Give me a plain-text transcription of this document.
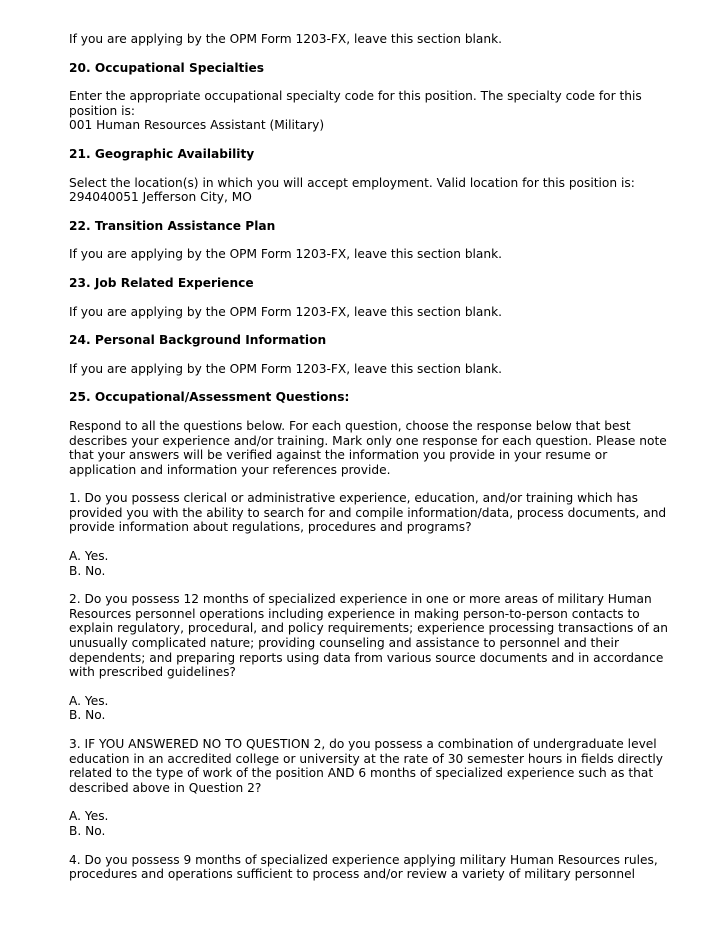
If you are applying by the OPM Form 1203-FX, leave this section blank.

20. Occupational Specialties

Enter the appropriate occupational specialty code for this position. The specialty code for this
position is:
001 Human Resources Assistant (Military)

21. Geographic Availability

Select the location(s) in which you will accept employment. Valid location for this position is:
294040051 Jefferson City, MO

22. Transition Assistance Plan

If you are applying by the OPM Form 1203-FX, leave this section blank.

23. Job Related Experience

If you are applying by the OPM Form 1203-FX, leave this section blank.

24. Personal Background Information

If you are applying by the OPM Form 1203-FX, leave this section blank.

25. Occupational/Assessment Questions:

Respond to all the questions below. For each question, choose the response below that best
describes your experience and/or training. Mark only one response for each question. Please note
that your answers will be verified against the information you provide in your resume or
application and information your references provide.

1. Do you possess clerical or administrative experience, education, and/or training which has
provided you with the ability to search for and compile information/data, process documents, and
provide information about regulations, procedures and programs?

A. Yes.
B. No.

2. Do you possess 12 months of specialized experience in one or more areas of military Human
Resources personnel operations including experience in making person-to-person contacts to
explain regulatory, procedural, and policy requirements; experience processing transactions of an
unusually complicated nature; providing counseling and assistance to personnel and their
dependents; and preparing reports using data from various source documents and in accordance
with prescribed guidelines?

A. Yes.
B. No.

3. IF YOU ANSWERED NO TO QUESTION 2, do you possess a combination of undergraduate level
education in an accredited college or university at the rate of 30 semester hours in fields directly
related to the type of work of the position AND 6 months of specialized experience such as that
described above in Question 2?

A. Yes.
B. No.

4. Do you possess 9 months of specialized experience applying military Human Resources rules,
procedures and operations sufficient to process and/or review a variety of military personnel
